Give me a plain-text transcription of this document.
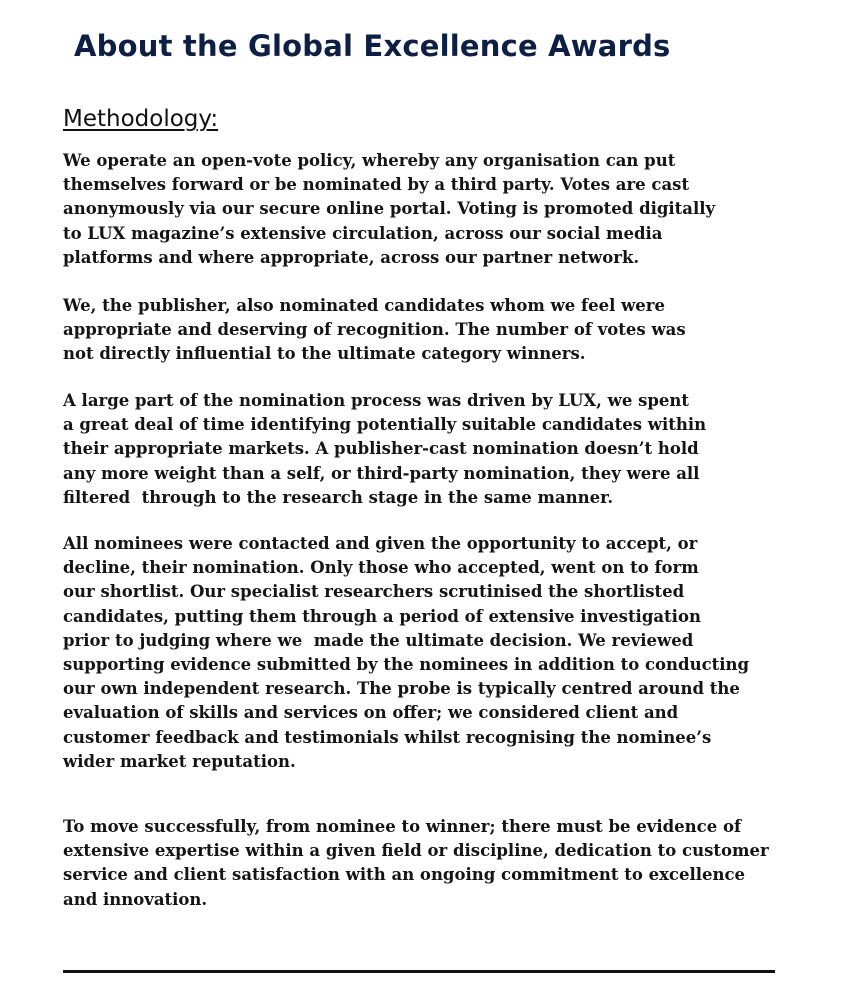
About the Global Excellence Awards
Methodology:

We operate an open-vote policy, whereby any organisation can put
themselves forward or be nominated by a third party. Votes are cast
anonymously via our secure online portal. Voting is promoted digitally
to LUX magazine’s extensive circulation, across our social media
platforms and where appropriate, across our partner network.

We, the publisher, also nominated candidates whom we feel were
appropriate and deserving of recognition. The number of votes was
not directly influential to the ultimate category winners.

A large part of the nomination process was driven by LUX, we spent
a great deal of time identifying potentially suitable candidates within
their appropriate markets. A publisher-cast nomination doesn’t hold
any more weight than a self, or third-party nomination, they were all
filtered  through to the research stage in the same manner.

All nominees were contacted and given the opportunity to accept, or
decline, their nomination. Only those who accepted, went on to form
our shortlist. Our specialist researchers scrutinised the shortlisted
candidates, putting them through a period of extensive investigation
prior to judging where we  made the ultimate decision. We reviewed
supporting evidence submitted by the nominees in addition to conducting
our own independent research. The probe is typically centred around the
evaluation of skills and services on offer; we considered client and
customer feedback and testimonials whilst recognising the nominee’s
wider market reputation.

To move successfully, from nominee to winner; there must be evidence of
extensive expertise within a given field or discipline, dedication to customer
service and client satisfaction with an ongoing commitment to excellence
and innovation.
